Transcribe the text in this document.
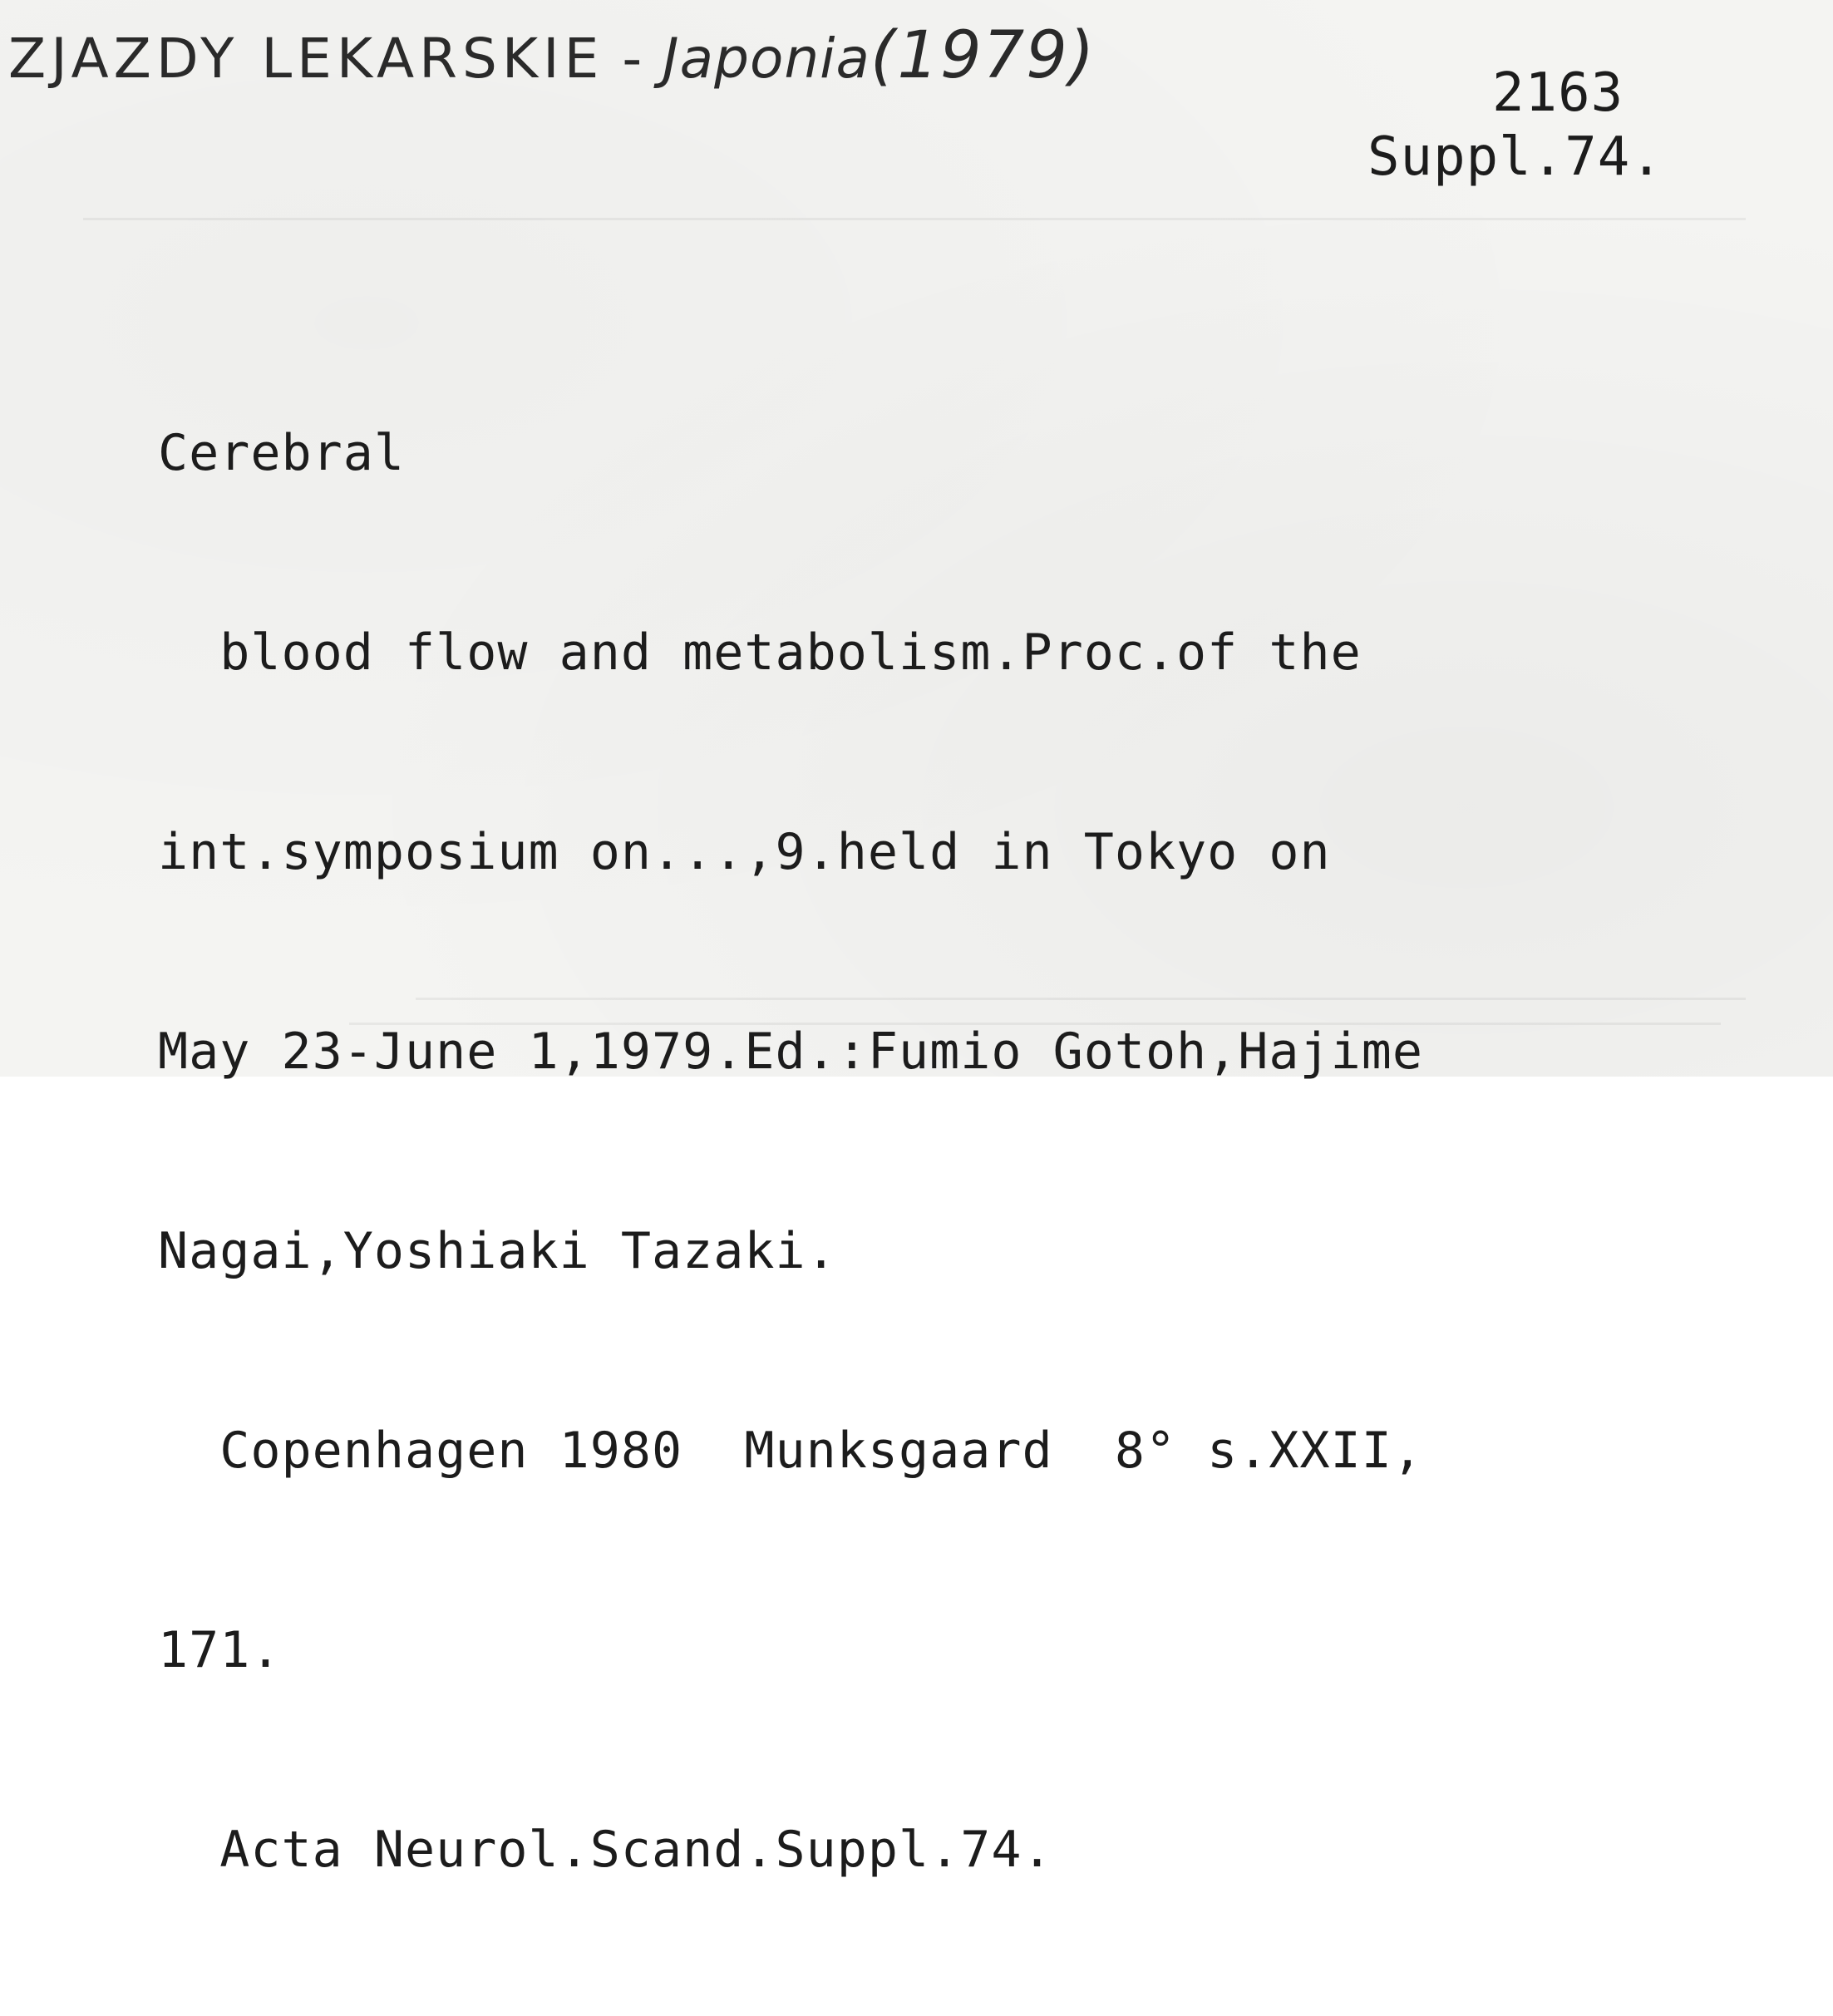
ZJAZDY LEKARSKIE - Japonia(1979)	2163
Suppl.74.

Cerebral

blood flow and metabolism.Proc.of the

int.symposium on...,9.held in Tokyo on

May 23-June 1,1979.Ed.:Fumio Gotoh,Hajime

Nagai,Yoshiaki Tazaki.

Copenhagen 1980  Munksgaard  8° s.XXII,

171.

Acta Neurol.Scand.Suppl.74.
